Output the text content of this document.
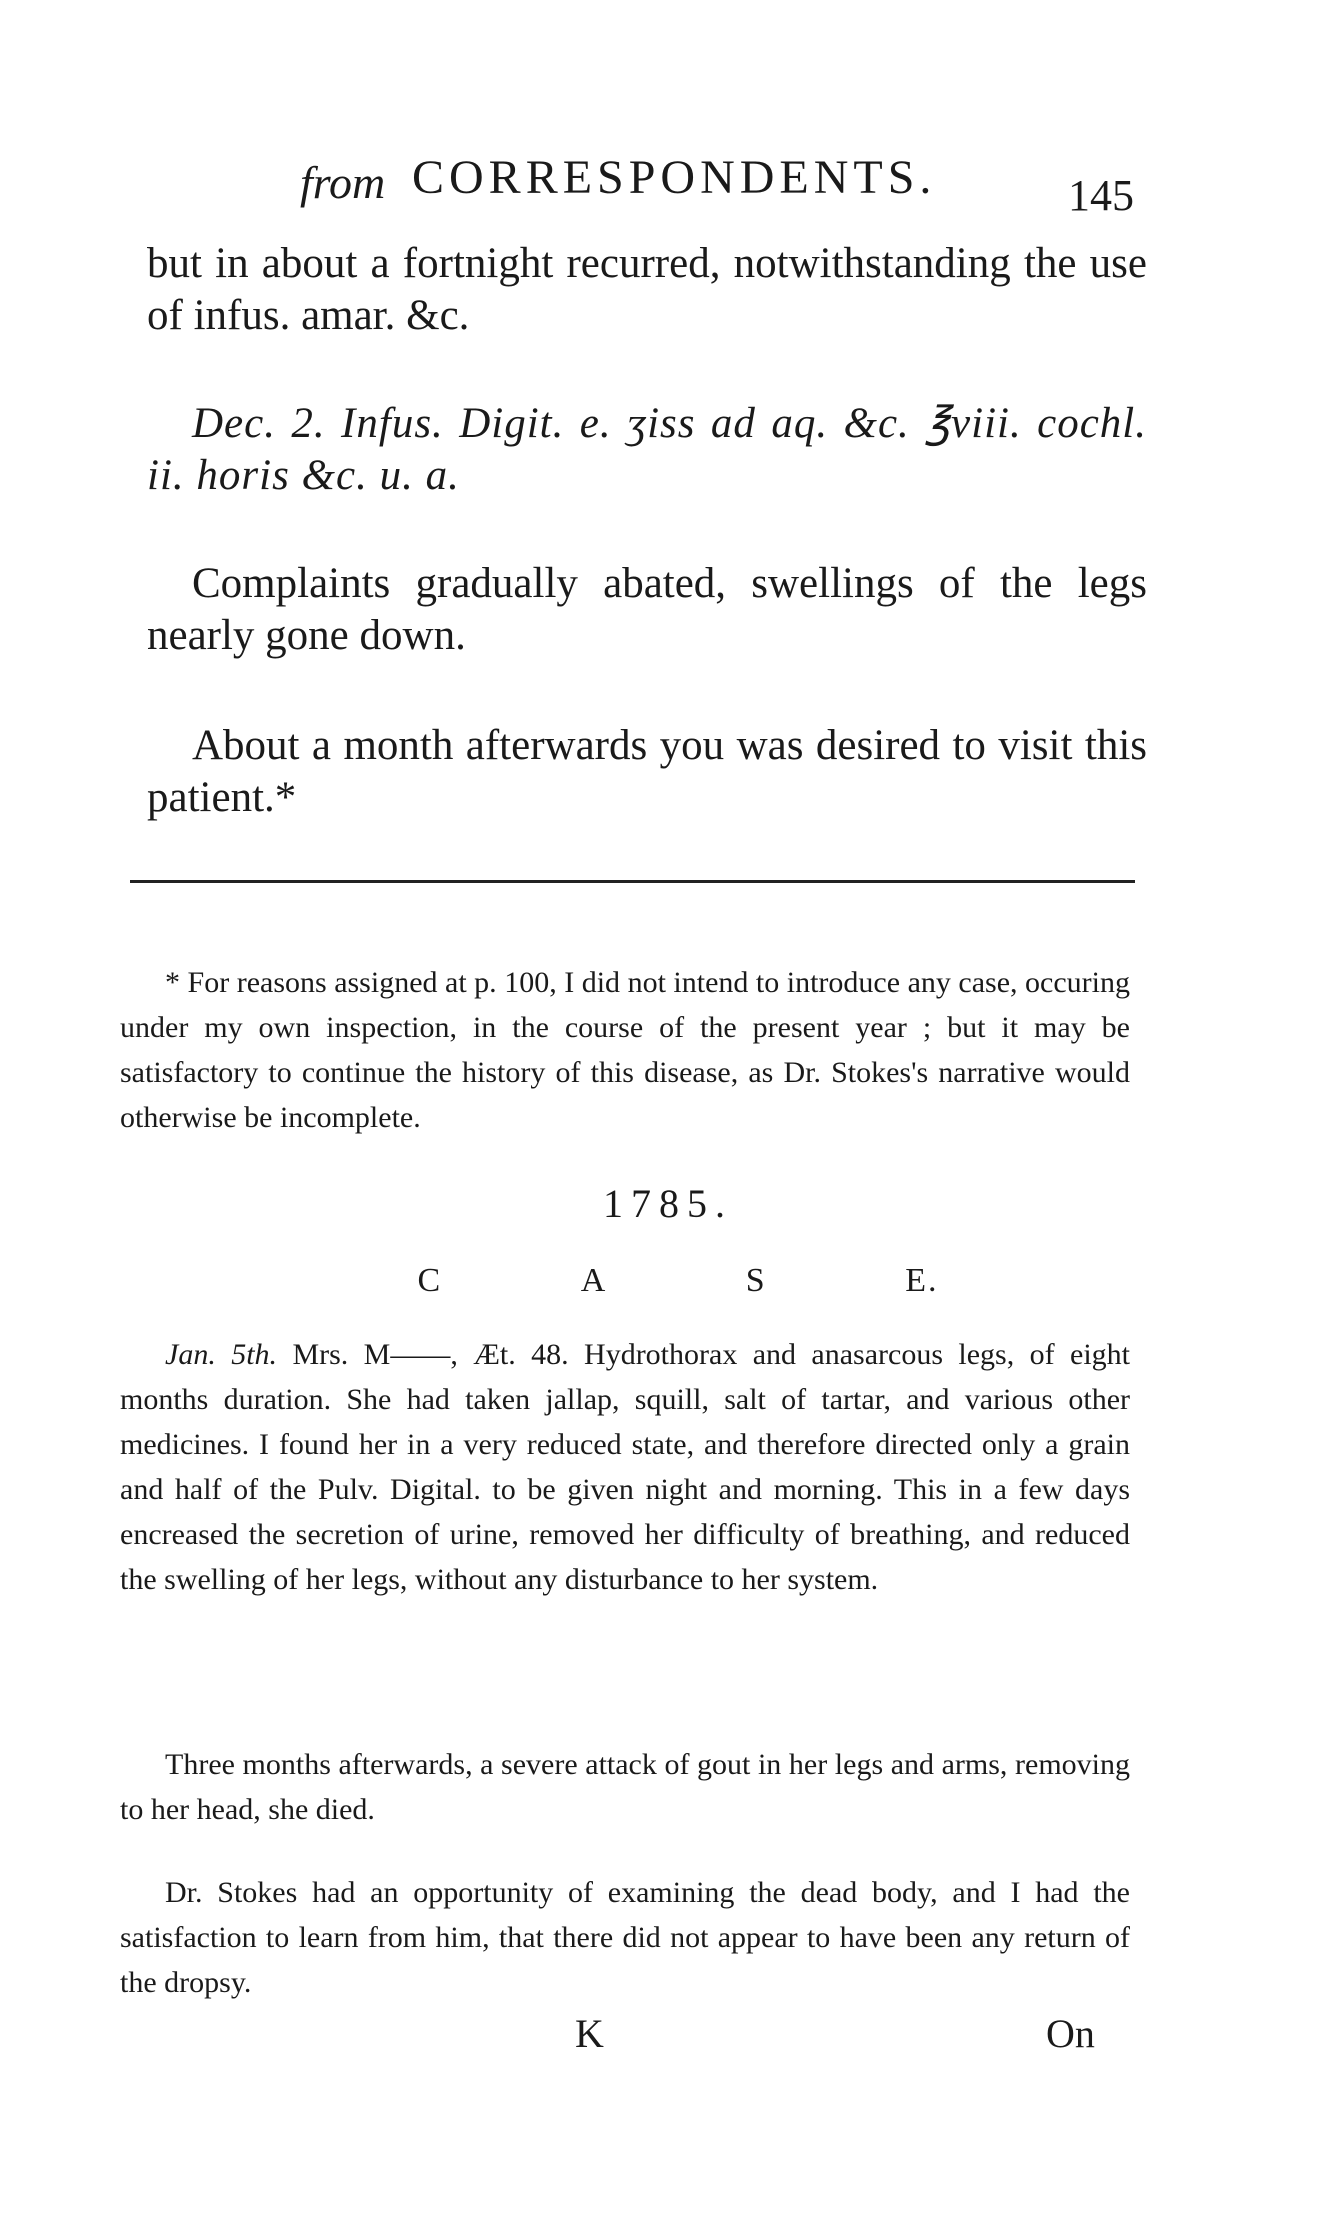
from CORRESPONDENTS.	145

but in about a fortnight recurred, notwithstanding the use of infus. amar. &c.

Dec. 2. Infus. Digit. e. ʒiss ad aq. &c. ℥viii. cochl. ii. horis &c. u. a.

Complaints gradually abated, swellings of the legs nearly gone down.

About a month afterwards you was desired to visit this patient.*

* For reasons assigned at p. 100, I did not intend to introduce any case, occuring under my own inspection, in the course of the present year ; but it may be satisfactory to continue the history of this disease, as Dr. Stokes's narrative would otherwise be incomplete.

1785.
C	A	S	E.

Jan. 5th. Mrs. M——, Æt. 48. Hydrothorax and anasarcous legs, of eight months duration. She had taken jallap, squill, salt of tartar, and various other medicines. I found her in a very reduced state, and therefore directed only a grain and half of the Pulv. Digital. to be given night and morning. This in a few days encreased the secretion of urine, removed her difficulty of breathing, and reduced the swelling of her legs, without any disturbance to her system.

Three months afterwards, a severe attack of gout in her legs and arms, removing to her head, she died.

Dr. Stokes had an opportunity of examining the dead body, and I had the satisfaction to learn from him, that there did not appear to have been any return of the dropsy.

K	On
